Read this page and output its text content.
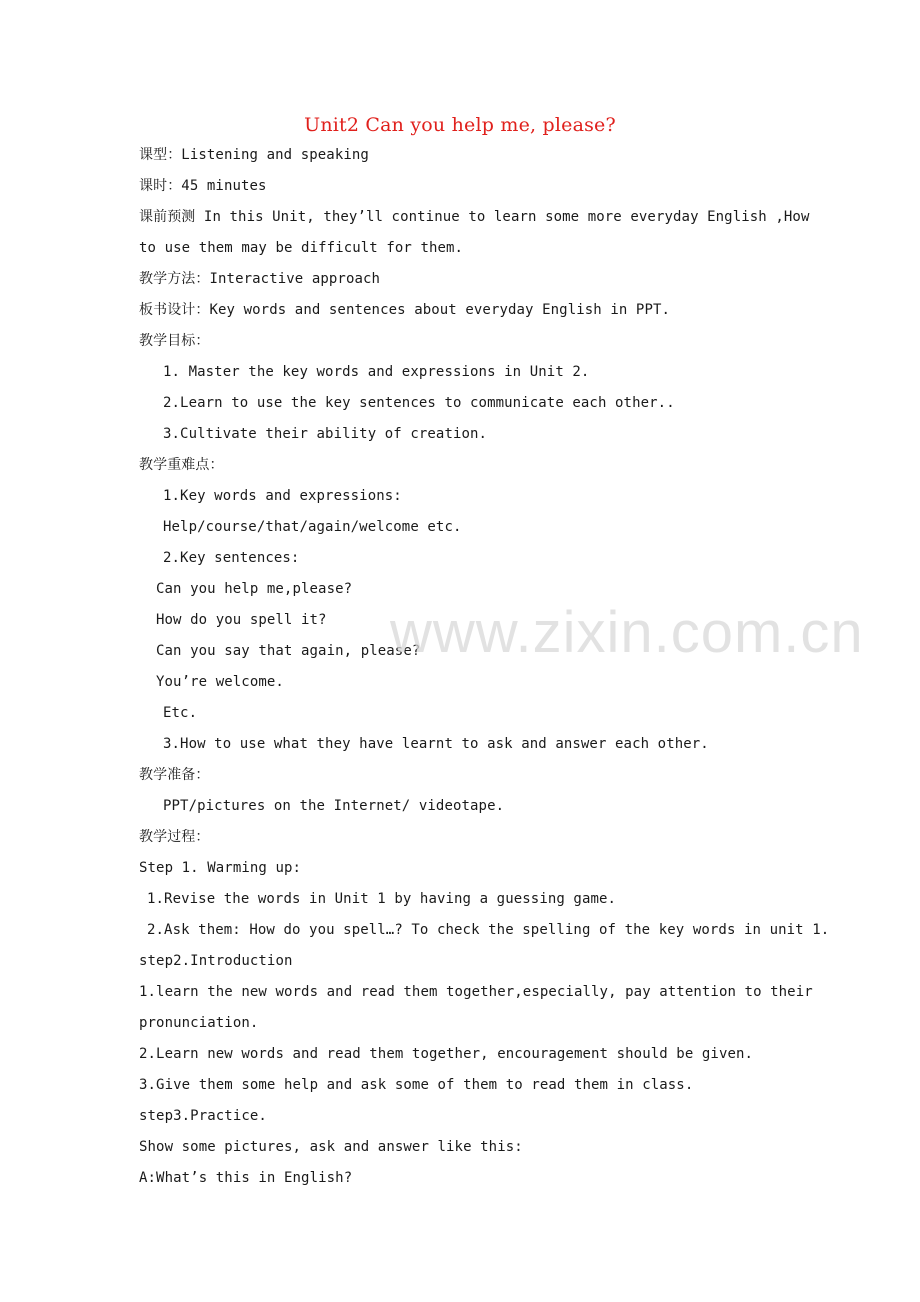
Unit2 Can you help me, please?
课型：Listening and speaking
课时：45 minutes
课前预测 In this Unit, they’ll continue to learn some more everyday English ,How
to use them may be difficult for them.
教学方法：Interactive approach
板书设计：Key words and sentences about everyday English in PPT.
教学目标：
1. Master the key words and expressions in Unit 2.
2.Learn to use the key sentences to communicate each other..
3.Cultivate their ability of creation.
教学重难点：
1.Key words and expressions:
Help/course/that/again/welcome etc.
2.Key sentences:
Can you help me,please?
How do you spell it?
Can you say that again, please?
You’re welcome.
Etc.
3.How to use what they have learnt to ask and answer each other.
教学准备：
PPT/pictures on the Internet/ videotape.
教学过程：
Step 1. Warming up:
1.Revise the words in Unit 1 by having a guessing game.
2.Ask them: How do you spell…? To check the spelling of the key words in unit 1.
step2.Introduction
1.learn the new words and read them together,especially, pay attention to their
pronunciation.
2.Learn new words and read them together, encouragement should be given.
3.Give them some help and ask some of them to read them in class.
step3.Practice.
Show some pictures, ask and answer like this:
A:What’s this in English?
www.zixin.com.cn
